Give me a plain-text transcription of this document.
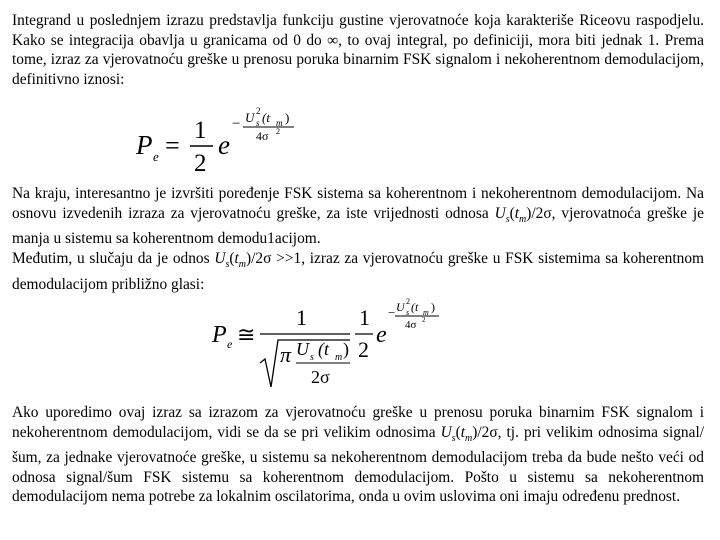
Integrand u poslednjem izrazu predstavlja funkciju gustine vjerovatnoće koja karakteriše Riceovu raspodjelu. Kako se integracija obavlja u granicama od 0 do ∞, to ovaj integral, po definiciji, mora biti jednak 1. Prema tome, izraz za vjerovatnoću greške u prenosu poruka binarnim FSK signalom i nekoherentnom demodulacijom, definitivno iznosi:

P e =
1
2
e
− U 2
s (t m )
4σ 2

Na kraju, interesantno je izvršiti poređenje FSK sistema sa koherentnom i nekoherentnom demodulacijom. Na osnovu izvedenih izraza za vjerovatnoću greške, za iste vrijednosti odnosa $U_s(t_m)/2\sigma$, vjerovatnoća greške je manja u sistemu sa koherentnom demodu1acijom.
Međutim, u slučaju da je odnos $U_s(t_m)/2\sigma >>1$, izraz za vjerovatnoću greške u FSK sistemima sa koherentnom demodulacijom približno glasi:

P e ≅
1
π U s (t m )
2σ
1
2
e
− U 2
s (t m )
4σ 2

Ako uporedimo ovaj izraz sa izrazom za vjerovatnoću greške u prenosu poruka binarnim FSK signalom i nekoherentnom demodulacijom, vidi se da se pri velikim odnosima $U_s(t_m)/2\sigma$, tj. pri velikim odnosima signal/šum, za jednake vjerovatnoće greške, u sistemu sa nekoherentnom demodulacijom treba da bude nešto veći od odnosa signal/šum FSK sistemu sa koherentnom demodulacijom. Pošto u sistemu sa nekoherentnom demodulacijom nema potrebe za lokalnim oscilatorima, onda u ovim uslovima oni imaju određenu prednost.
